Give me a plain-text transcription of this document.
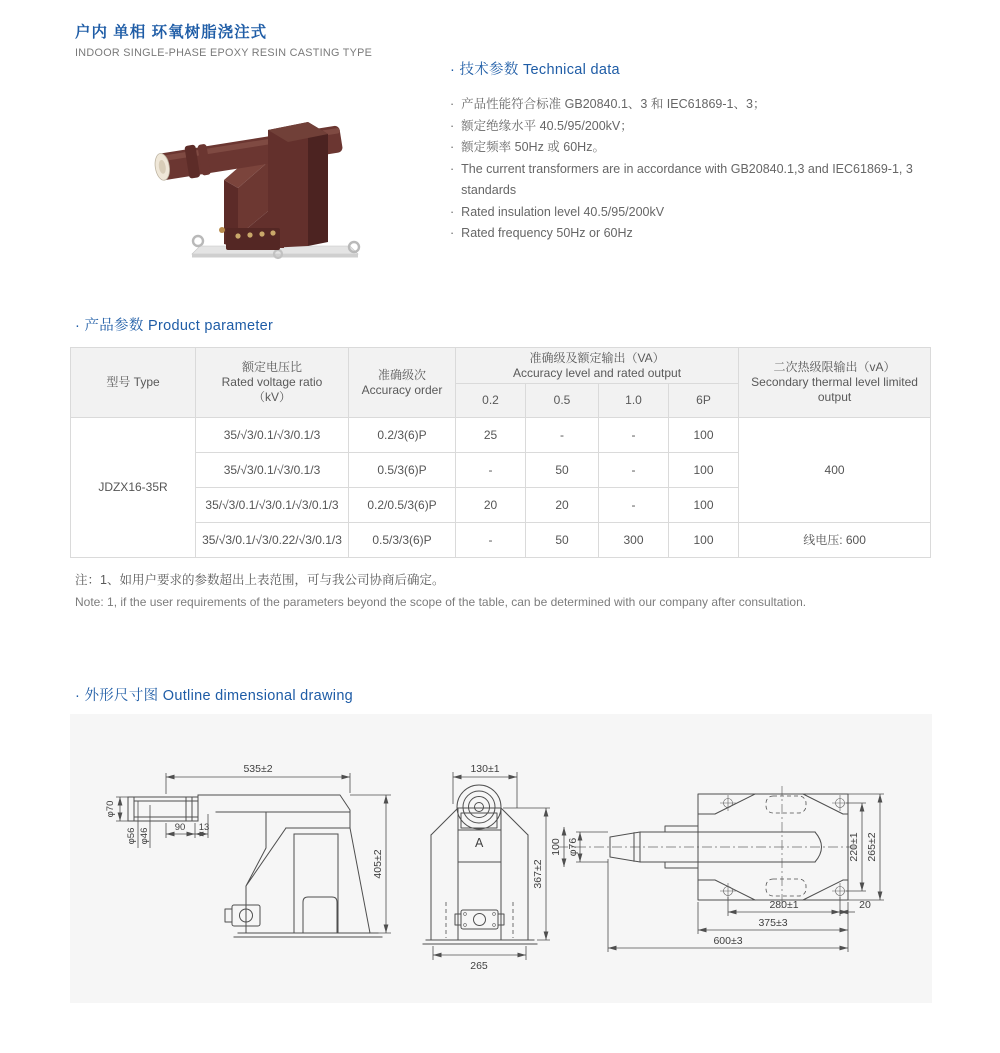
户内 单相 环氧树脂浇注式
INDOOR SINGLE-PHASE EPOXY RESIN CASTING TYPE
· 技术参数 Technical data
· 产品性能符合标准 GB20840.1、3 和 IEC61869-1、3；
· 额定绝缘水平 40.5/95/200kV；
· 额定频率 50Hz 或 60Hz。
· The current transformers are in accordance with GB20840.1,3 and IEC61869-1, 3 standards
· Rated insulation level 40.5/95/200kV
· Rated frequency 50Hz or 60Hz
· 产品参数 Product parameter
型号 Type	额定电压比
Rated voltage ratio
（kV）	准确级次
Accuracy order	准确级及额定输出（VA）
Accuracy level and rated output				二次热级限输出（vA）
Secondary thermal level limited output

			0.2	0.5	1.0	6P	
JDZX16-35R	35/√3/0.1/√3/0.1/3	0.2/3(6)P	25	-	-	100	400
	35/√3/0.1/√3/0.1/3	0.5/3(6)P	-	50	-	100	
	35/√3/0.1/√3/0.1/√3/0.1/3	0.2/0.5/3(6)P	20	20	-	100	
	35/√3/0.1/√3/0.22/√3/0.1/3	0.5/3/3(6)P	-	50	300	100	线电压: 600
注：1、如用户要求的参数超出上表范围，可与我公司协商后确定。
Note: 1, if the user requirements of the parameters beyond the scope of the table, can be determined with our company after consultation.
· 外形尺寸图 Outline dimensional drawing
535±2
405±2
90 13
φ70
φ56 φ46	A
130±1
367±2
265
100 φ76	220±1 265±2
280±1	20
375±3
600±3
